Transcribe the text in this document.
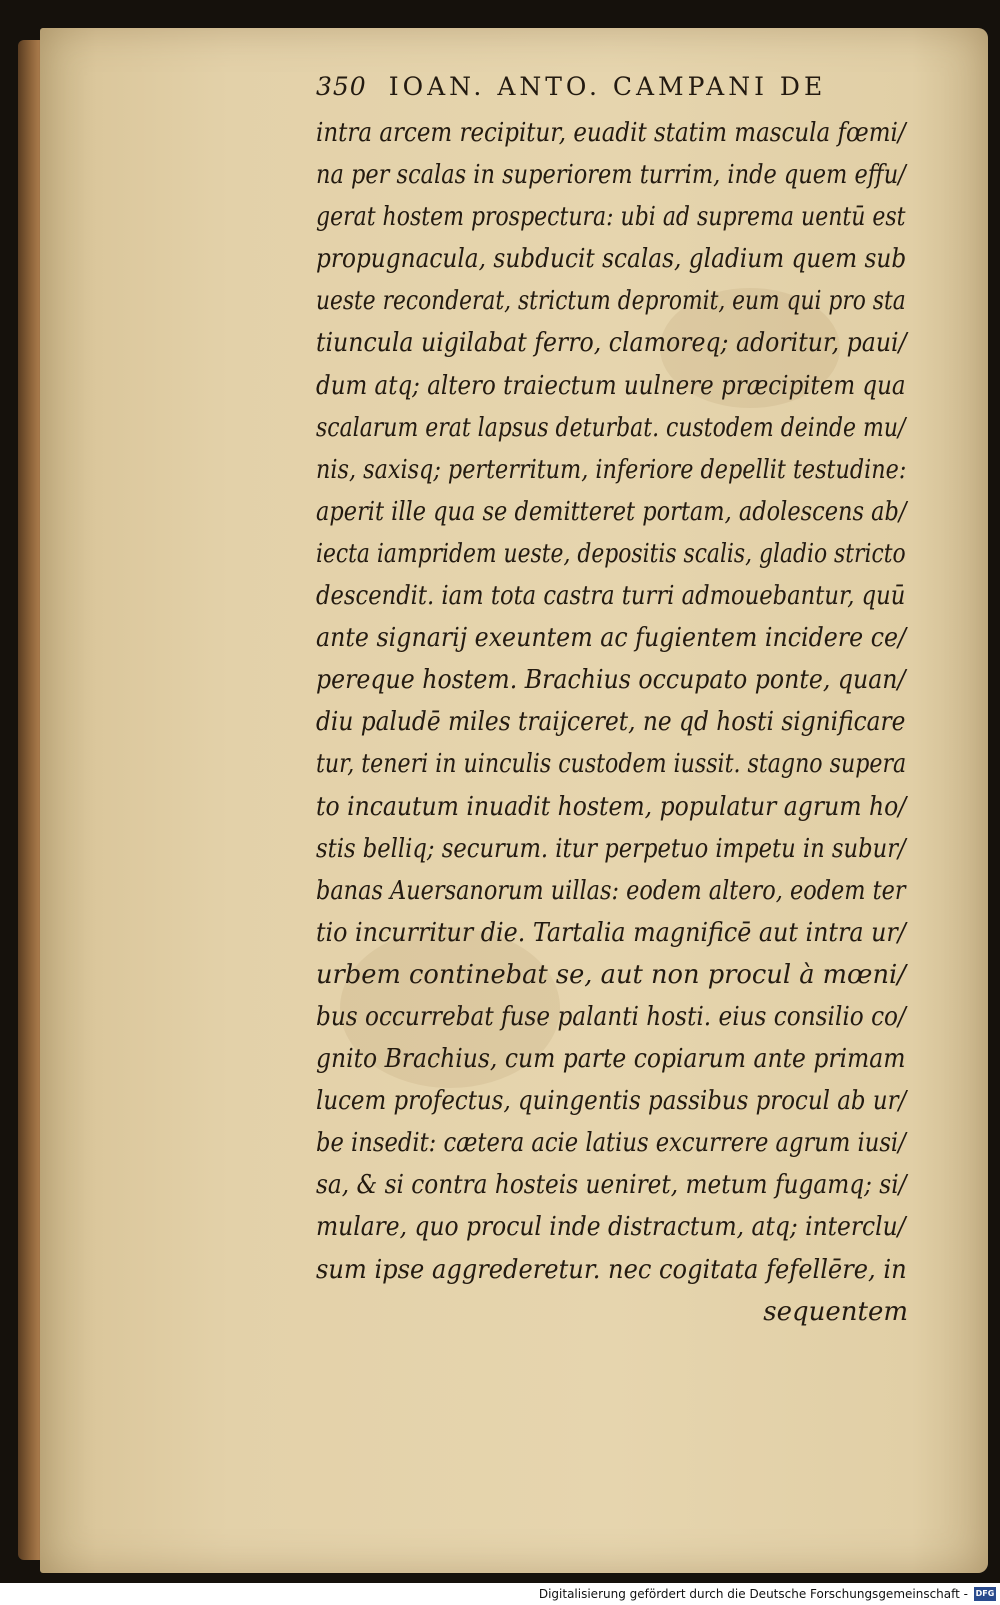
350 IOAN. ANTO. CAMPANI DE
intra arcem recipitur, euadit statim mascula fœmi/
na per scalas in superiorem turrim, inde quem effu/
gerat hostem prospectura: ubi ad suprema uentū est
propugnacula, subducit scalas, gladium quem sub
ueste reconderat, strictum depromit, eum qui pro sta
tiuncula uigilabat ferro, clamoreq; adoritur, paui/
dum atq; altero traiectum uulnere præcipitem qua
scalarum erat lapsus deturbat. custodem deinde mu/
nis, saxisq; perterritum, inferiore depellit testudine:
aperit ille qua se demitteret portam, adolescens ab/
iecta iampridem ueste, depositis scalis, gladio stricto
descendit. iam tota castra turri admouebantur, quū
ante signarij exeuntem ac fugientem incidere ce/
pereque hostem. Brachius occupato ponte, quan/
diu paludē miles traijceret, ne qd hosti significare
tur, teneri in uinculis custodem iussit. stagno supera
to incautum inuadit hostem, populatur agrum ho/
stis belliq; securum. itur perpetuo impetu in subur/
banas Auersanorum uillas: eodem altero, eodem ter
tio incurritur die. Tartalia magnificē aut intra ur/
urbem continebat se, aut non procul à mœni/
bus occurrebat fuse palanti hosti. eius consilio co/
gnito Brachius, cum parte copiarum ante primam
lucem profectus, quingentis passibus procul ab ur/
be insedit: cætera acie latius excurrere agrum iusi/
sa, & si contra hosteis ueniret, metum fugamq; si/
mulare, quo procul inde distractum, atq; interclu/
sum ipse aggrederetur. nec cogitata fefellēre, in
sequentem
Digitalisierung gefördert durch die Deutsche Forschungsgemeinschaft - DFG
